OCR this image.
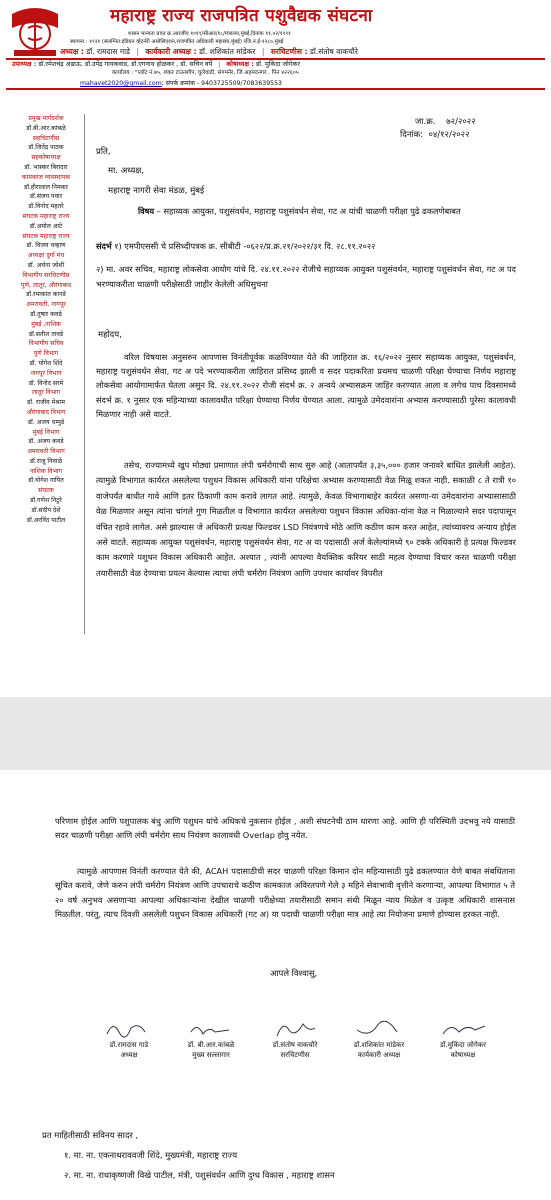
महाराष्ट्र राज्य राजपत्रित पशुवैद्यक संघटना
शासन मान्यता प्राप्त क्र.आरजीए १०१९/सीआर/१८/मंत्रालय,मुंबई,दिनांक ११.०२/१९९१
स्थापना : १९२१ (संलग्नित:इंडियन व्हेटर्नरी असोसिएशन,राजपत्रित अधिकारी महासंघ,मुंबई) रजि.नं.ई-१२८०,मुंबई
अध्यक्ष : डॉ. रामदास गाडे | कार्यकारी अध्यक्ष : डॉ. शशिकांत मांडेकर | सरचिटणीस : डॉ.संतोष वाकचौरे
उपाध्यक्ष : डॉ.रमेशचंद्र अढाऊ, डॉ.उपेंद्र गायकवाड, डॉ.एगनाथ होळकर , डॉ. सचिन वर्पे | कोषाध्यक्ष : डॉ. मुकिंदा जोगेकर
कार्यालय : "प्लॉट नं.७५, शंकर टाउनशीप, घुलेवाडी, संगमनेर, जि.अहमदनगर . पिन ४२२६०५
mahavet2020@gmail.com; संपर्क क्रमांक - 9403725509/7083639553
प्रमुख मार्गदर्शक
डॉ.बी.आर.कांबळे
सहचिटणीस
डॉ.जितेंद्र पाठक
सहकोषाध्यक्ष
डॉ. भास्कर बिरादार
कामकाज व्यवस्थापक
डॉ.हीरालाल निमकर
डॉ.संजय पवार
डॉ.विनोद महतरे
संघटक महाराष्ट्र राज्य
डॉ.अमोल आटे
संघटक महाराष्ट्र राज्य
डॉ. विजय चव्हाण
अध्यक्षा दुर्गा मंच
डॉ. अर्चना जोशी
विभागीय सरचिटणीस
पुणे, लातूर, औरंगाबाद
डॉ.रमाकांत कानडे
अमरावती, नागपूर
डॉ.तुषार कवडे
मुंबई ,नाशिक
डॉ.सतीश तावडे
विभागीय सचिव
पुणे विभाग
डॉ. योगेश शिंदे
नागपूर विभाग
डॉ. विनोद सरमे
लातूर विभाग
डॉ. राजीव मेश्राम
औरंगाबाद विभाग
डॉ. अजय धम्पुडे
मुंबई विभाग
डॉ. अजय कवडे
अमरावती विभाग
डॉ.राजू निवाळे
नाशिक विभाग
डॉ.योगेश गायित
संघटक
डॉ.गणेश निटुरे
डॉ.संदीप देशे
डॉ.अरविंद पाटील
जा.क्र. ७२/२०२२
दिनांक: ०४/१२/२०२२
प्रति,
मा. अध्यक्ष,
महाराष्ट्र नागरी सेवा मंडळ, मुंबई
विषय – सहाय्यक आयुक्त, पशुसंवर्धन, महाराष्ट्र पशुसंवर्धन सेवा, गट अ यांची चाळणी परीक्षा पुढे ढकलणेबाबत
संदर्भ १) एमपीएससी चे प्रसिध्दीपत्रक क्र. सीबीटी -०६२२/प्र.क्र.२१/२०२२/३१ दि. २८.११.२०२२
२) मा. अवर सचिव, महाराष्ट्र लोकसेवा आयोग यांचे दि. २४.११.२०२२ रोजीचे सहाय्यक आयुक्त पशुसंवर्धन, महाराष्ट्र पशुसंवर्धन सेवा, गट अ पद भरण्याकरीता चाळणी परीक्षेसाठी जाहीर केलेली अधिसुचना
महोदय,
वरिल विषयास अनुसरुन आपणास विनंतीपूर्वक कळविण्यात येते की जाहिरात क्र. १६/२०२२ नुसार सहाय्यक आयुक्त, पशुसंवर्धन, महाराष्ट्र पशुसंवर्धन सेवा, गट अ पदे भरण्याकरीता जाहिरात प्रसिध्द झाली व सदर पदाकरिता प्रथमच चाळणी परिक्षा घेण्याचा निर्णय महाराष्ट्र लोकसेवा आयोगामार्फत घेतला असुन दि. २४.११.२०२२ रोजी संदर्भ क्र. २ अन्वये अभ्यासक्रम जाहिर करण्यात आला व लगेच पाच दिवसामध्ये संदर्भ क्र. १ नुसार एक महिन्याच्या कालावधीत परिक्षा घेण्याचा निर्णय घेण्यात आला. त्यामुळे उमेदवारांना अभ्यास करण्यासाठी पुरेसा कालावधी मिळणार नाही असे वाटते.
तसेच, राज्यामध्ये खुप मोठ्या प्रमाणात लंपी चर्मरोगाची साथ सुरु आहे (आतापर्यंत ३,३५,००० हजार जनावरे बाधित झालेली आहेत). त्यामुळे विभागात कार्यरत असलेल्या पशुधन विकास अधिकारी यांना परिक्षेचा अभ्यास करण्यासाठी वेळ मिळू शकत नाही. सकाळी ८ ते रात्री १० वाजेपर्यंत बाधीत गावे आणि इतर ठिकाणी काम करावे लागत आहे. त्यामुळे, केवळ विभागाबाहेर कार्यरत असणा-या उमेदवारांना अभ्यासासाठी वेळ मिळणार असून त्यांना चांगले गुण मिळतील व विभागात कार्यरत असलेल्या पशुधन विकास अधिका-यांना वेळ न मिळाल्याने सदर पदापासून वंचित रहावे लागेल. असे झाल्यास जे अधिकारी प्रत्यक्ष फिल्डवर LSD नियंत्रणचे मोठे आणि कठीण काम करत आहेत, त्यांच्यावरच अन्याय होईल असे वाटते. सहाय्यक आयुक्त पशुसंवर्धन, महाराष्ट्र पशुसंवर्धन सेवा, गट अ या पदासाठी अर्ज केलेल्यांमध्ये ९० टक्के अधिकारी हे प्रत्यक्ष फिल्डवर काम करणारे पशुधन विकास अधिकारी आहेत. अश्यात , त्यांनी आपल्या वैयक्तिक करियर साठी महत्व देण्याचा विचार करत चाळणी परीक्षा तयारीसाठी वेळ देण्याचा प्रयत्न केल्यास त्याचा लंपी चर्मरोग नियंत्रण आणि उपचार कार्यावर विपरीत
परिणाम होईल आणि पशुपालक बंधु आणि पशुधन यांचे अधिकचे नुकसान होईल , अशी संघटनेची ठाम धारणा आहे. आणि ही परिस्थिती उदभवू नये यासाठी सदर चाळणी परीक्षा आणि लंपी चर्मरोग साथ नियंत्रण कालावधी Overlap होवु नयेत.
त्यामुळे आपणास विनंती करण्यात येते की, ACAH पदासाठीची सदर चाळणी परिक्षा किमान दोन महिन्यासाठी पुढे ढकलण्यात येणे बाबत संबधिताना सूचित करावे, जेणे करुन लंपी चर्मरोग नियंत्रण आणि उपचाराचे कठीण कामकाज अविरतपणे गेले ३ महिने सेवाभावी वृत्तीने करणाऱ्या, आपल्या विभागात ५ ते २० वर्ष अनुभव असणाऱ्या आपल्या अधिकाऱ्यांना देखील चाळणी परीक्षेच्या तयारीसाठी समान संधी मिळून न्याय मिळेल व उत्कृष्ट अधिकारी शासनास मिळतील. परंतु, त्याच दिवशी असलेली पशुधन विकास अधिकारी (गट अ) या पदाची चाळणी परीक्षा मात्र आहे त्या नियोजना प्रमाणे होण्यास हरकत नाही.
आपले विश्वासु,
डॉ.रामदास गाडे
अध्यक्ष
डॉ. बी.आर.कांबळे
मुख्य सल्लागार
डॉ.संतोष वाकचौरे
सरचिटणीस
डॉ.शशिकांत मांडेकर
कार्यकारी अध्यक्ष
डॉ.मुकिंदा जोगेकर
कोषाध्यक्ष
प्रत माहितीसाठी सविनय सादर ,
१. मा. ना. एकनाथराववजी शिंदे, मुख्यमंत्री, महाराष्ट्र राज्य
२. मा. ना. राधाकृष्णजी विखे पाटील, मंत्री, पशुसंवर्धन आणि दुग्ध विकास , महाराष्ट्र शासन
